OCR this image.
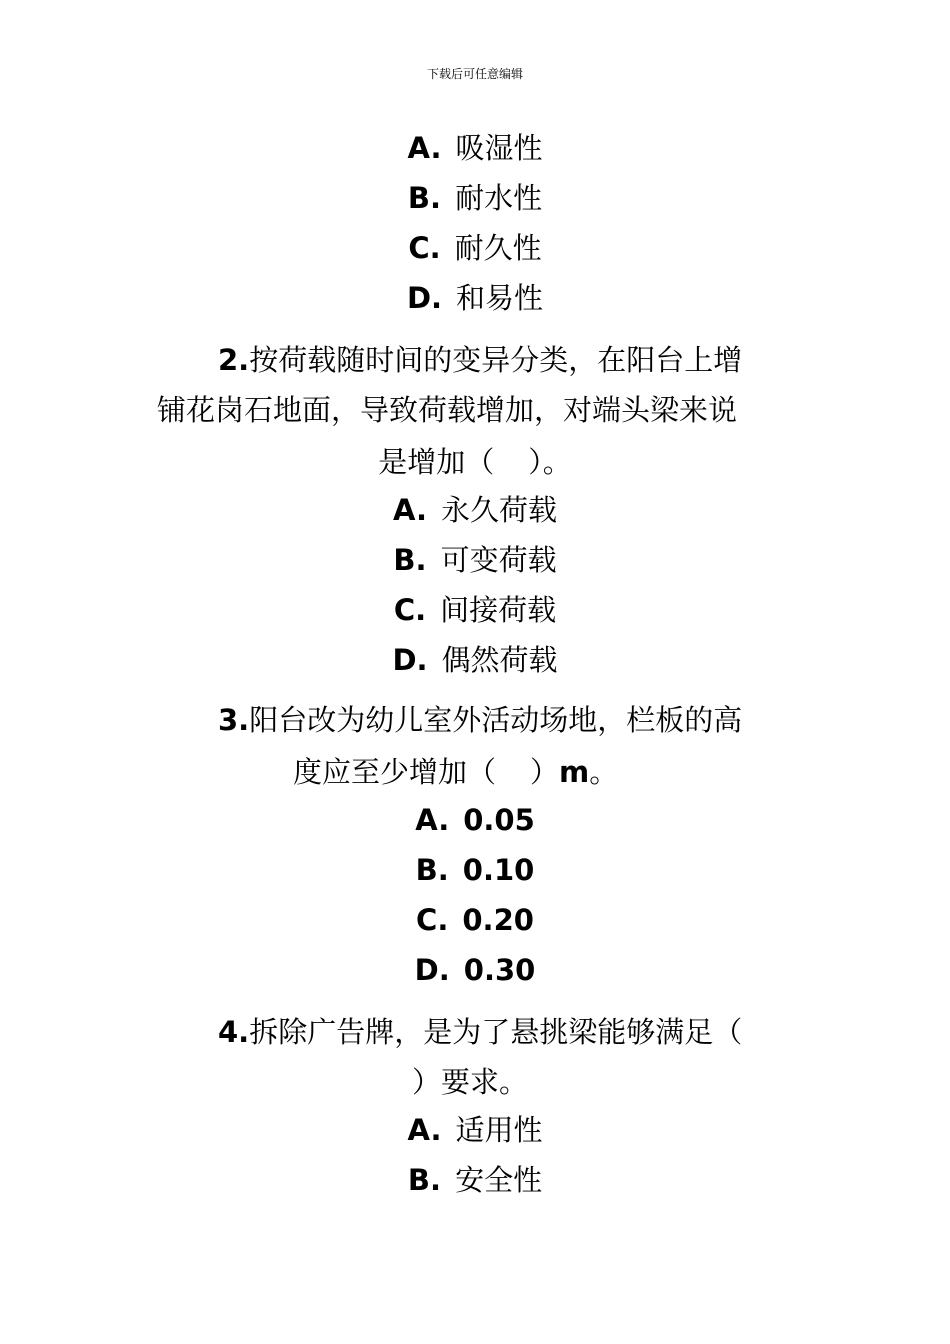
下载后可任意编辑
A. 吸湿性
B. 耐水性
C. 耐久性
D. 和易性
2.按荷载随时间的变异分类，在阳台上增
铺花岗石地面，导致荷载增加，对端头梁来说
是增加（ ）。
A. 永久荷载
B. 可变荷载
C. 间接荷载
D. 偶然荷载
3.阳台改为幼儿室外活动场地，栏板的高
度应至少增加（ ）m。
A. 0.05
B. 0.10
C. 0.20
D. 0.30
4.拆除广告牌，是为了悬挑梁能够满足（
）要求。
A. 适用性
B. 安全性
